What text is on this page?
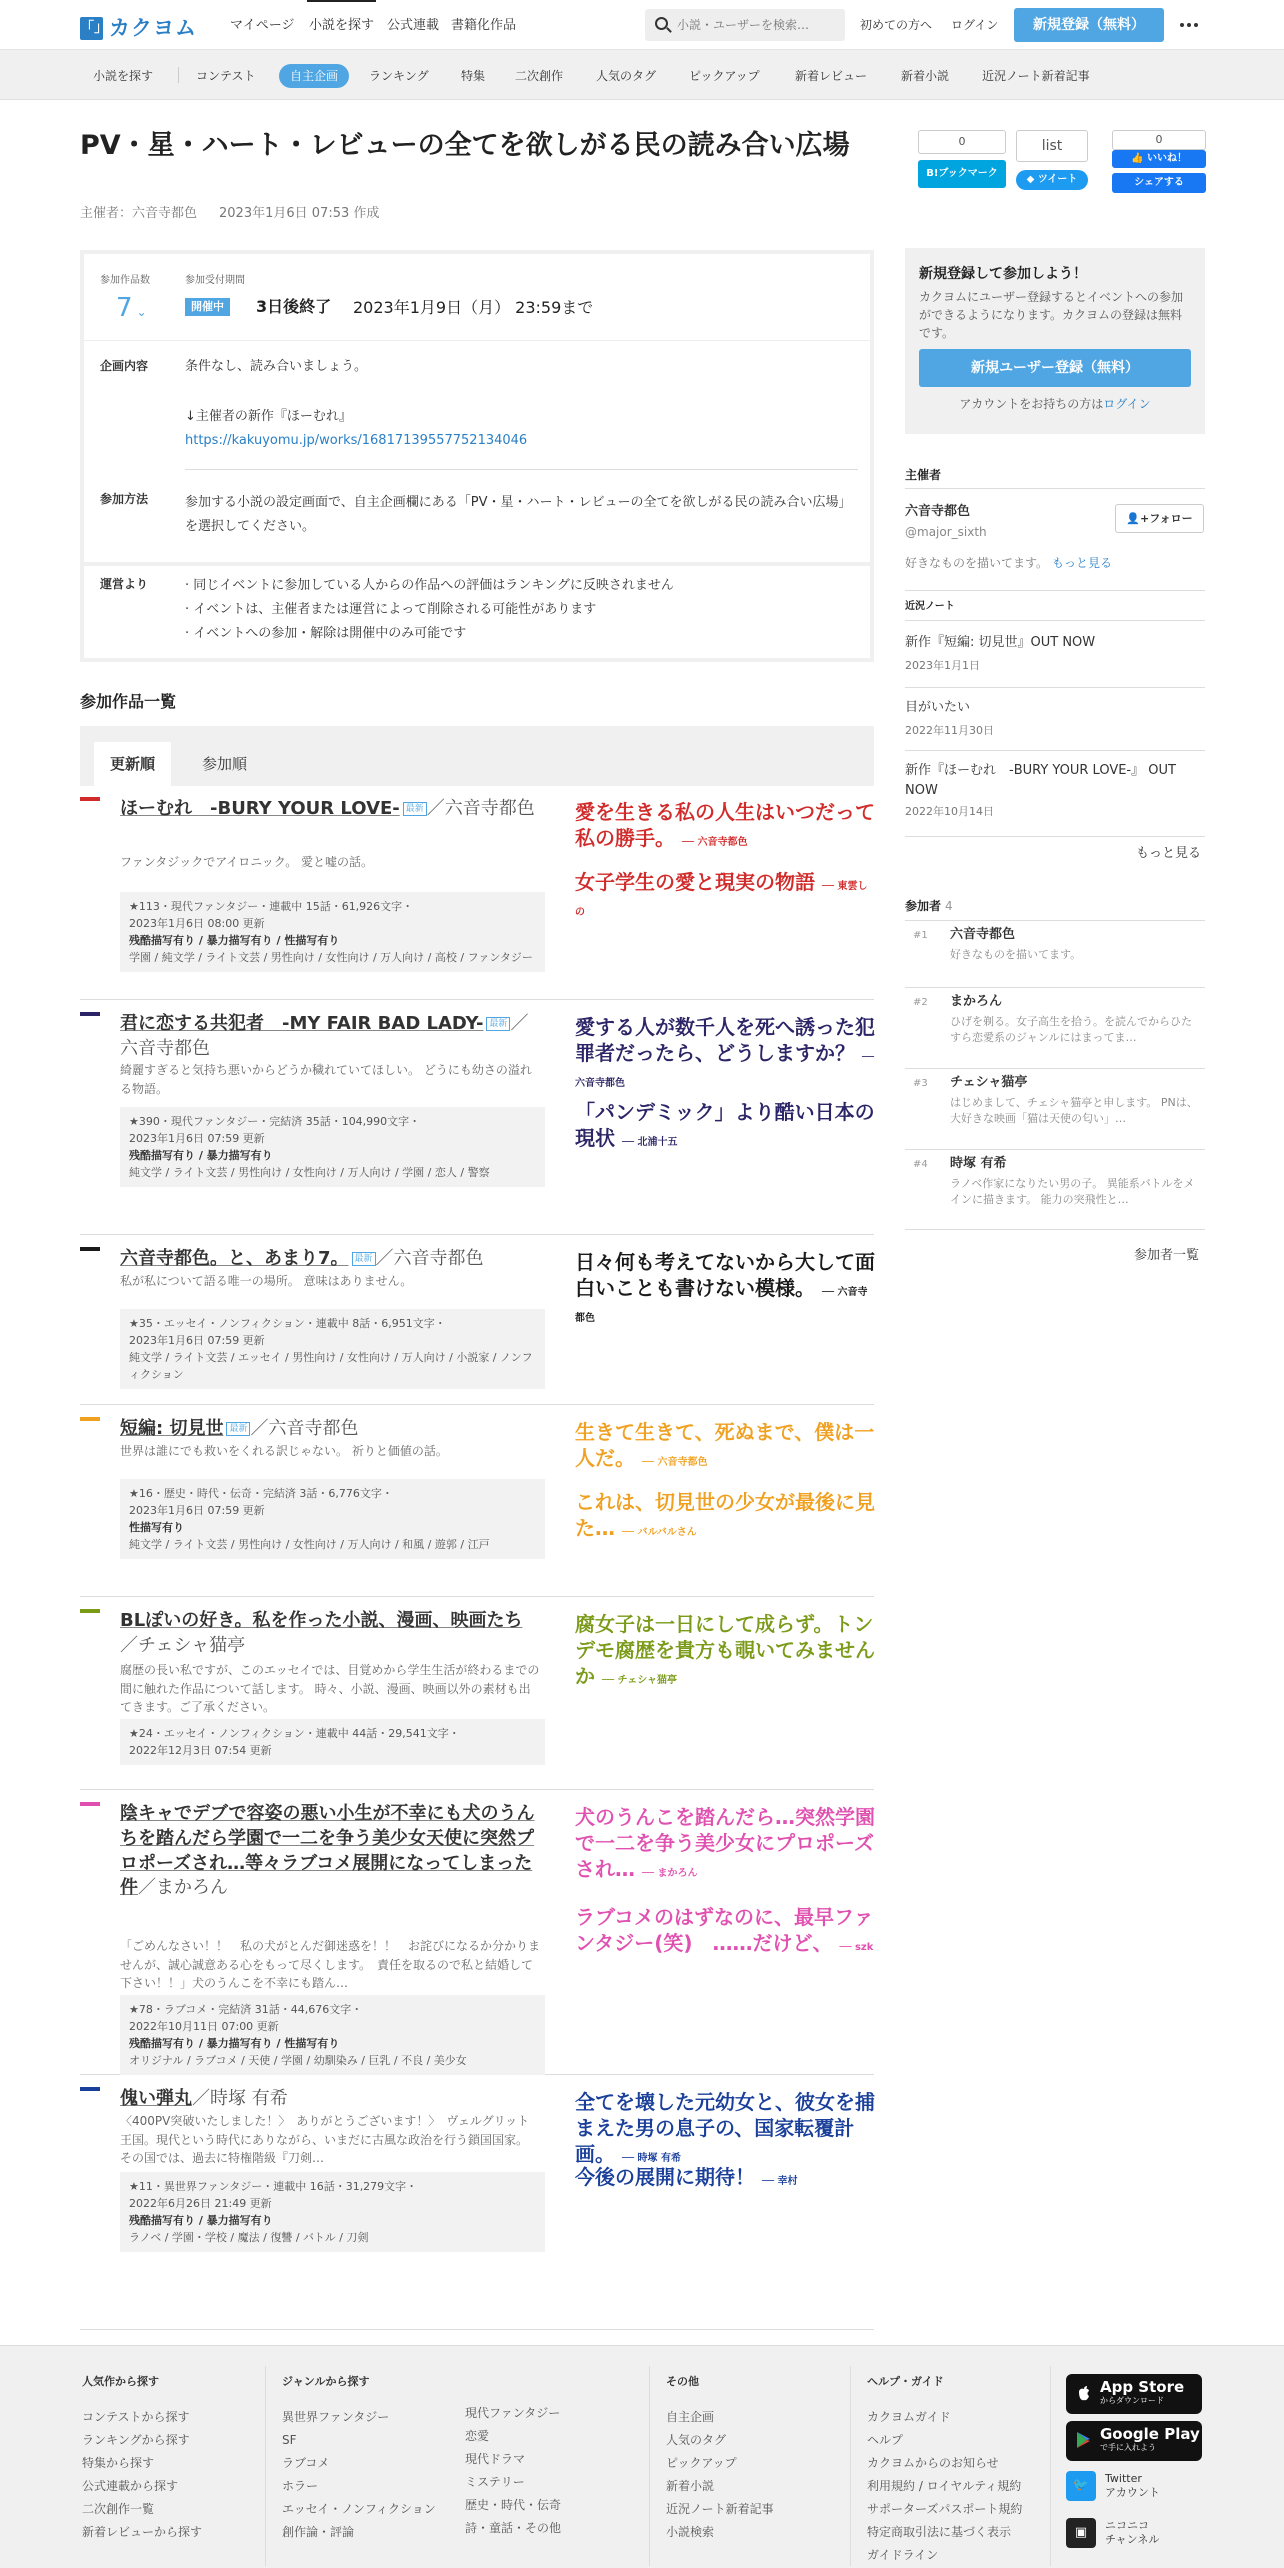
「」 カクヨム	マイページ 小説を探す 公式連載 書籍化作品
小説・ユーザーを検索…	初めての方へ ログイン	新規登録（無料）
小説を探す	コンテスト	自主企画	ランキング	特集 二次創作	人気のタグ	ピックアップ	新着レビュー	新着小説	近況ノート新着記事
PV・星・ハート・レビューの全てを欲しがる民の読み合い広場
主催者：六音寺都色 2023年1月6日 07:53 作成
0
B!ブックマーク
list
◆ ツイート
0
👍 いいね！
シェアする
参加作品数
7 ⌄
参加受付期間
開催中	3日後終了 2023年1月9日（月） 23:59まで
企画内容	条件なし、読み合いましょう。
↓主催者の新作『ほーむれ』
https://kakuyomu.jp/works/16817139557752134046
参加方法	参加する小説の設定画面で、自主企画欄にある「PV・星・ハート・レビューの全てを欲しがる民の読み合い広場」を選択してください。
運営より	· 同じイベントに参加している人からの作品への評価はランキングに反映されません
· イベントは、主催者または運営によって削除される可能性があります
· イベントへの参加・解除は開催中のみ可能です
参加作品一覧
更新順	参加順
ほーむれ　-BURY YOUR LOVE- 最新 ／六音寺都色
ファンタジックでアイロニック。 愛と嘘の話。
★113・現代ファンタジー・連載中 15話・61,926文字・
2023年1月6日 08:00 更新
残酷描写有り / 暴力描写有り / 性描写有り
学園 / 純文学 / ライト文芸 / 男性向け / 女性向け / 万人向け / 高校 / ファンタジー
愛を生きる私の人生はいつだって私の勝手。 ── 六音寺都色
女子学生の愛と現実の物語 ── 東雲しの
君に恋する共犯者　-MY FAIR BAD LADY- 最新 ／六音寺都色
綺麗すぎると気持ち悪いからどうか穢れていてほしい。 どうにも幼さの溢れる物語。
★390・現代ファンタジー・完結済 35話・104,990文字・
2023年1月6日 07:59 更新
残酷描写有り / 暴力描写有り
純文学 / ライト文芸 / 男性向け / 女性向け / 万人向け / 学園 / 恋人 / 警察
愛する人が数千人を死へ誘った犯罪者だったら、どうしますか？ ── 六音寺都色
「パンデミック」より酷い日本の現状 ── 北浦十五
六音寺都色。と、あまり7。 最新 ／六音寺都色
私が私について語る唯一の場所。 意味はありません。
★35・エッセイ・ノンフィクション・連載中 8話・6,951文字・
2023年1月6日 07:59 更新
純文学 / ライト文芸 / エッセイ / 男性向け / 女性向け / 万人向け / 小説家 / ノンフィクション
日々何も考えてないから大して面白いことも書けない模様。 ── 六音寺都色
短編: 切見世 最新 ／六音寺都色
世界は誰にでも救いをくれる訳じゃない。 祈りと価値の話。
★16・歴史・時代・伝奇・完結済 3話・6,776文字・
2023年1月6日 07:59 更新
性描写有り
純文学 / ライト文芸 / 男性向け / 女性向け / 万人向け / 和風 / 遊郭 / 江戸
生きて生きて、死ぬまで、僕は一人だ。 ── 六音寺都色
これは、切見世の少女が最後に見た… ── バルバルさん
BLぽいの好き。私を作った小説、漫画、映画たち／チェシャ猫亭
腐歴の長い私ですが、このエッセイでは、目覚めから学生生活が終わるまでの間に触れた作品について話します。 時々、小説、漫画、映画以外の素材も出てきます。ご了承ください。
★24・エッセイ・ノンフィクション・連載中 44話・29,541文字・
2022年12月3日 07:54 更新
腐女子は一日にして成らず。トンデモ腐歴を貴方も覗いてみませんか ── チェシャ猫亭
陰キャでデブで容姿の悪い小生が不幸にも犬のうんちを踏んだら学園で一二を争う美少女天使に突然プロポーズされ…等々ラブコメ展開になってしまった件／まかろん
「ごめんなさい！！　私の犬がとんだ御迷惑を！！　お詫びになるか分かりませんが、誠心誠意ある心をもって尽くします。　責任を取るので私と結婚して下さい！！」犬のうんこを不幸にも踏ん…
★78・ラブコメ・完結済 31話・44,676文字・
2022年10月11日 07:00 更新
残酷描写有り / 暴力描写有り / 性描写有り
オリジナル / ラブコメ / 天使 / 学園 / 幼馴染み / 巨乳 / 不良 / 美少女
犬のうんこを踏んだら…突然学園で一二を争う美少女にプロポーズされ… ── まかろん
ラブコメのはずなのに、最早ファンタジー(笑)　……だけど、 ── szk
傀い弾丸／時塚 有希
〈400PV突破いたしました！〉　ありがとうございます！〉　ヴェルグリット王国。現代という時代にありながら、いまだに古風な政治を行う鎖国国家。　その国では、過去に特権階級『刀剣…
★11・異世界ファンタジー・連載中 16話・31,279文字・
2022年6月26日 21:49 更新
残酷描写有り / 暴力描写有り
ラノベ / 学園・学校 / 魔法 / 復讐 / バトル / 刀剣
全てを壊した元幼女と、彼女を捕まえた男の息子の、国家転覆計画。 ── 時塚 有希
今後の展開に期待！ ── 幸村
新規登録して参加しよう！
カクヨムにユーザー登録するとイベントへの参加ができるようになります。カクヨムの登録は無料です。
新規ユーザー登録（無料）
アカウントをお持ちの方はログイン
主催者
六音寺都色
@major_sixth
👤+フォロー
好きなものを描いてます。 もっと見る
近況ノート
新作『短編: 切見世』OUT NOW
2023年1月1日
目がいたい
2022年11月30日
新作『ほーむれ　-BURY YOUR LOVE-』 OUT NOW
2022年10月14日
もっと見る
参加者 4
#1 六音寺都色
好きなものを描いてます。
#2 まかろん
ひげを剃る。女子高生を拾う。を読んでからひたすら恋愛系のジャンルにはまってま…
#3 チェシャ猫亭
はじめまして、チェシャ猫亭と申します。 PNは、大好きな映画「猫は天使の匂い」…
#4 時塚 有希
ラノベ作家になりたい男の子。 異能系バトルをメインに描きます。 能力の突飛性と…
参加者一覧
人気作から探す
コンテストから探す
ランキングから探す
特集から探す
公式連載から探す
二次創作一覧
新着レビューから探す
ジャンルから探す
異世界ファンタジー
SF
ラブコメ
ホラー
エッセイ・ノンフィクション
創作論・評論
現代ファンタジー
恋愛
現代ドラマ
ミステリー
歴史・時代・伝奇
詩・童話・その他
その他
自主企画
人気のタグ
ピックアップ
新着小説
近況ノート新着記事
小説検索
ヘルプ・ガイド
カクヨムガイド
ヘルプ
カクヨムからのお知らせ
利用規約 / ロイヤルティ規約
サポーターズパスポート規約
特定商取引法に基づく表示
ガイドライン
App Store
からダウンロード
Google Play
で手に入れよう
🐦	Twitter
アカウント
▣	ニコニコ
チャンネル
